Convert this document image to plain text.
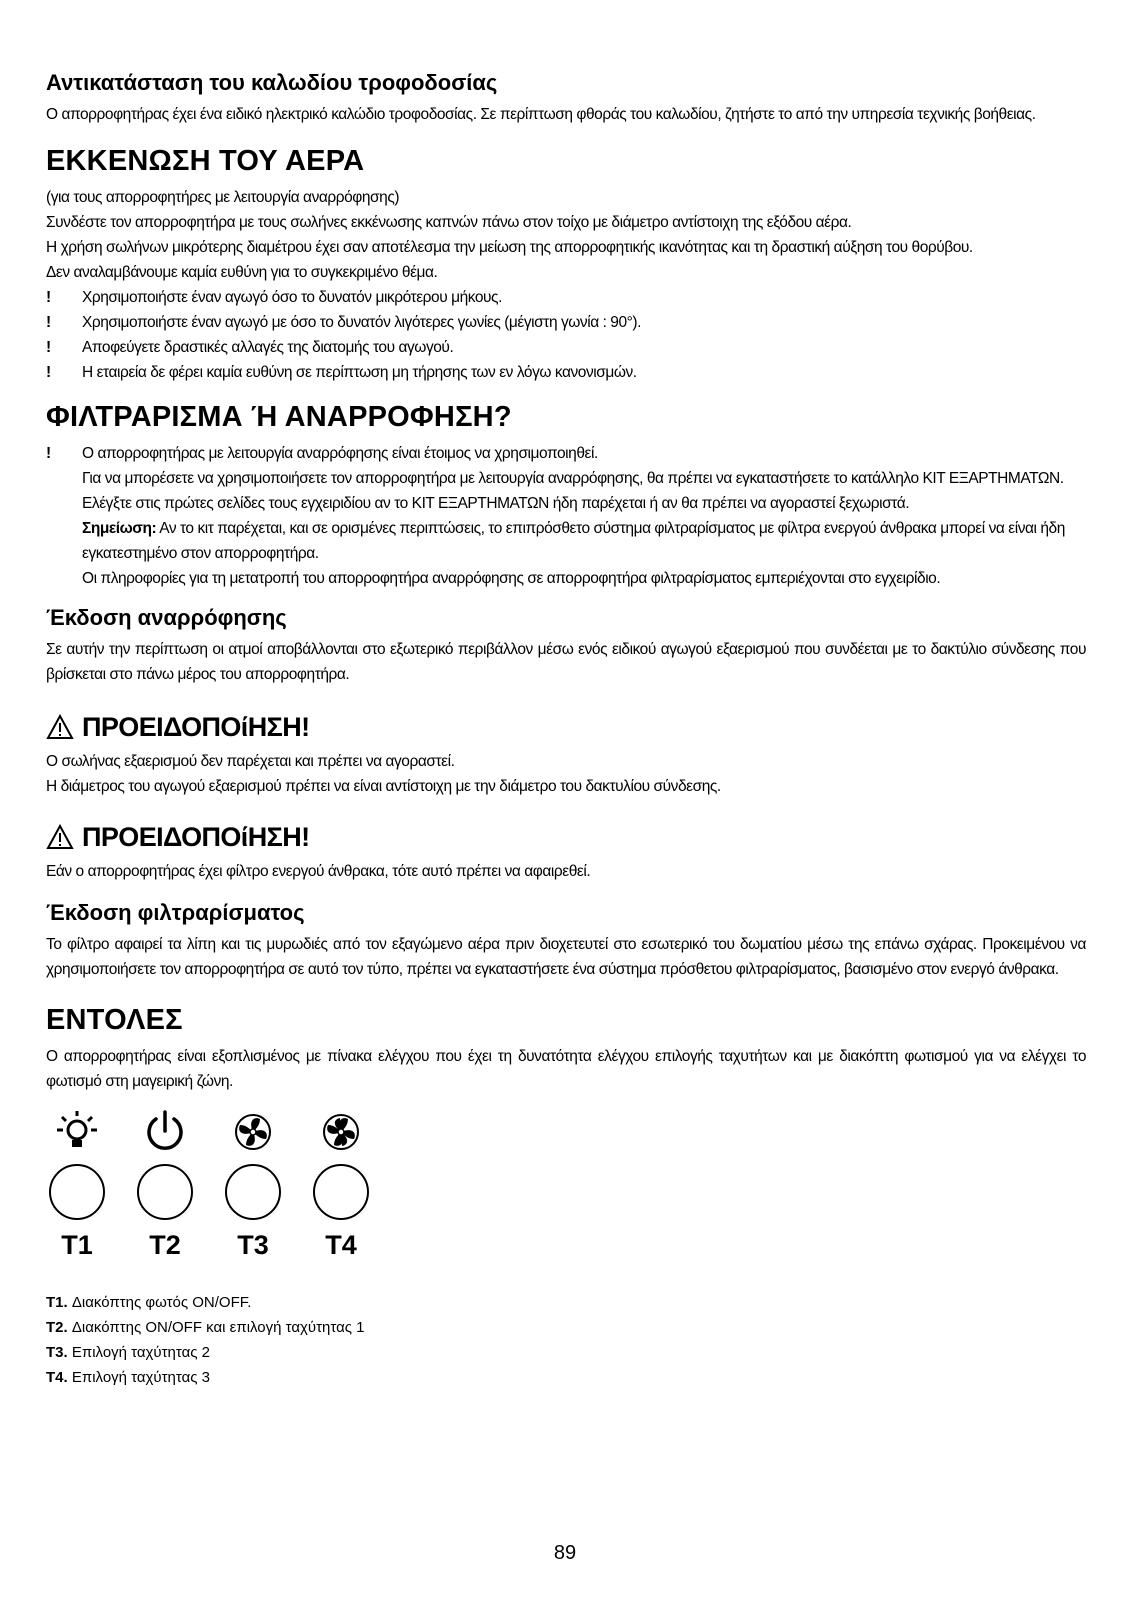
Αντικατάσταση του καλωδίου τροφοδοσίας

Ο απορροφητήρας έχει ένα ειδικό ηλεκτρικό καλώδιο τροφοδοσίας. Σε περίπτωση φθοράς του καλωδίου, ζητήστε το από την υπηρεσία τεχνικής βοήθειας.

ΕΚΚΕΝΩΣΗ ΤΟΥ ΑΕΡΑ

(για τους απορροφητήρες με λειτουργία αναρρόφησης)

Συνδέστε τον απορροφητήρα με τους σωλήνες εκκένωσης καπνών πάνω στον τοίχο με διάμετρο αντίστοιχη της εξόδου αέρα.

Η χρήση σωλήνων μικρότερης διαμέτρου έχει σαν αποτέλεσμα την μείωση της απορροφητικής ικανότητας και τη δραστική αύξηση του θορύβου.

Δεν αναλαμβάνουμε καμία ευθύνη για το συγκεκριμένο θέμα.

!	Χρησιμοποιήστε έναν αγωγό όσο το δυνατόν μικρότερου μήκους.

!	Χρησιμοποιήστε έναν αγωγό με όσο το δυνατόν λιγότερες γωνίες (μέγιστη γωνία : 90°).

!	Αποφεύγετε δραστικές αλλαγές της διατομής του αγωγού.

!	Η εταιρεία δε φέρει καμία ευθύνη σε περίπτωση μη τήρησης των εν λόγω κανονισμών.

ΦΙΛΤΡΑΡΙΣΜΑ Ή ΑΝΑΡΡΟΦΗΣΗ?

!	Ο απορροφητήρας με λειτουργία αναρρόφησης είναι έτοιμος να χρησιμοποιηθεί.

Για να μπορέσετε να χρησιμοποιήσετε τον απορροφητήρα με λειτουργία αναρρόφησης, θα πρέπει να εγκαταστήσετε το κατάλληλο KIT ΕΞΑΡΤΗΜΑΤΩΝ.

Ελέγξτε στις πρώτες σελίδες τους εγχειριδίου αν το KIT ΕΞΑΡΤΗΜΑΤΩΝ ήδη παρέχεται ή αν θα πρέπει να αγοραστεί ξεχωριστά.

Σημείωση: Αν το κιτ παρέχεται, και σε ορισμένες περιπτώσεις, το επιπρόσθετο σύστημα φιλτραρίσματος με φίλτρα ενεργού άνθρακα μπορεί να είναι ήδη εγκατεστημένο στον απορροφητήρα.

Οι πληροφορίες για τη μετατροπή του απορροφητήρα αναρρόφησης σε απορροφητήρα φιλτραρίσματος εμπεριέχονται στο εγχειρίδιο.

Έκδοση αναρρόφησης

Σε αυτήν την περίπτωση οι ατμοί αποβάλλονται στο εξωτερικό περιβάλλον μέσω ενός ειδικού αγωγού εξαερισμού που συνδέεται με το δακτύλιο σύνδεσης που βρίσκεται στο πάνω μέρος του απορροφητήρα.

ΠΡΟΕΙΔΟΠΟίΗΣΗ!

Ο σωλήνας εξαερισμού δεν παρέχεται και πρέπει να αγοραστεί.

Η διάμετρος του αγωγού εξαερισμού πρέπει να είναι αντίστοιχη με την διάμετρο του δακτυλίου σύνδεσης.

ΠΡΟΕΙΔΟΠΟίΗΣΗ!

Εάν ο απορροφητήρας έχει φίλτρο ενεργού άνθρακα, τότε αυτό πρέπει να αφαιρεθεί.

Έκδοση φιλτραρίσματος

Το φίλτρο αφαιρεί τα λίπη και τις μυρωδιές από τον εξαγώμενο αέρα πριν διοχετευτεί στο εσωτερικό του δωματίου μέσω της επάνω σχάρας. Προκειμένου να χρησιμοποιήσετε τον απορροφητήρα σε αυτό τον τύπο, πρέπει να εγκαταστήσετε ένα σύστημα πρόσθετου φιλτραρίσματος, βασισμένο στον ενεργό άνθρακα.

ΕΝΤΟΛΕΣ

Ο απορροφητήρας είναι εξοπλισμένος με πίνακα ελέγχου που έχει τη δυνατότητα ελέγχου επιλογής ταχυτήτων και με διακόπτη φωτισμού για να ελέγχει το φωτισμό στη μαγειρική ζώνη.

T1 T2 T3 T4

T1. Διακόπτης φωτός ON/OFF.

T2. Διακόπτης ON/OFF και επιλογή ταχύτητας 1

T3. Επιλογή ταχύτητας 2

T4. Επιλογή ταχύτητας 3

89
